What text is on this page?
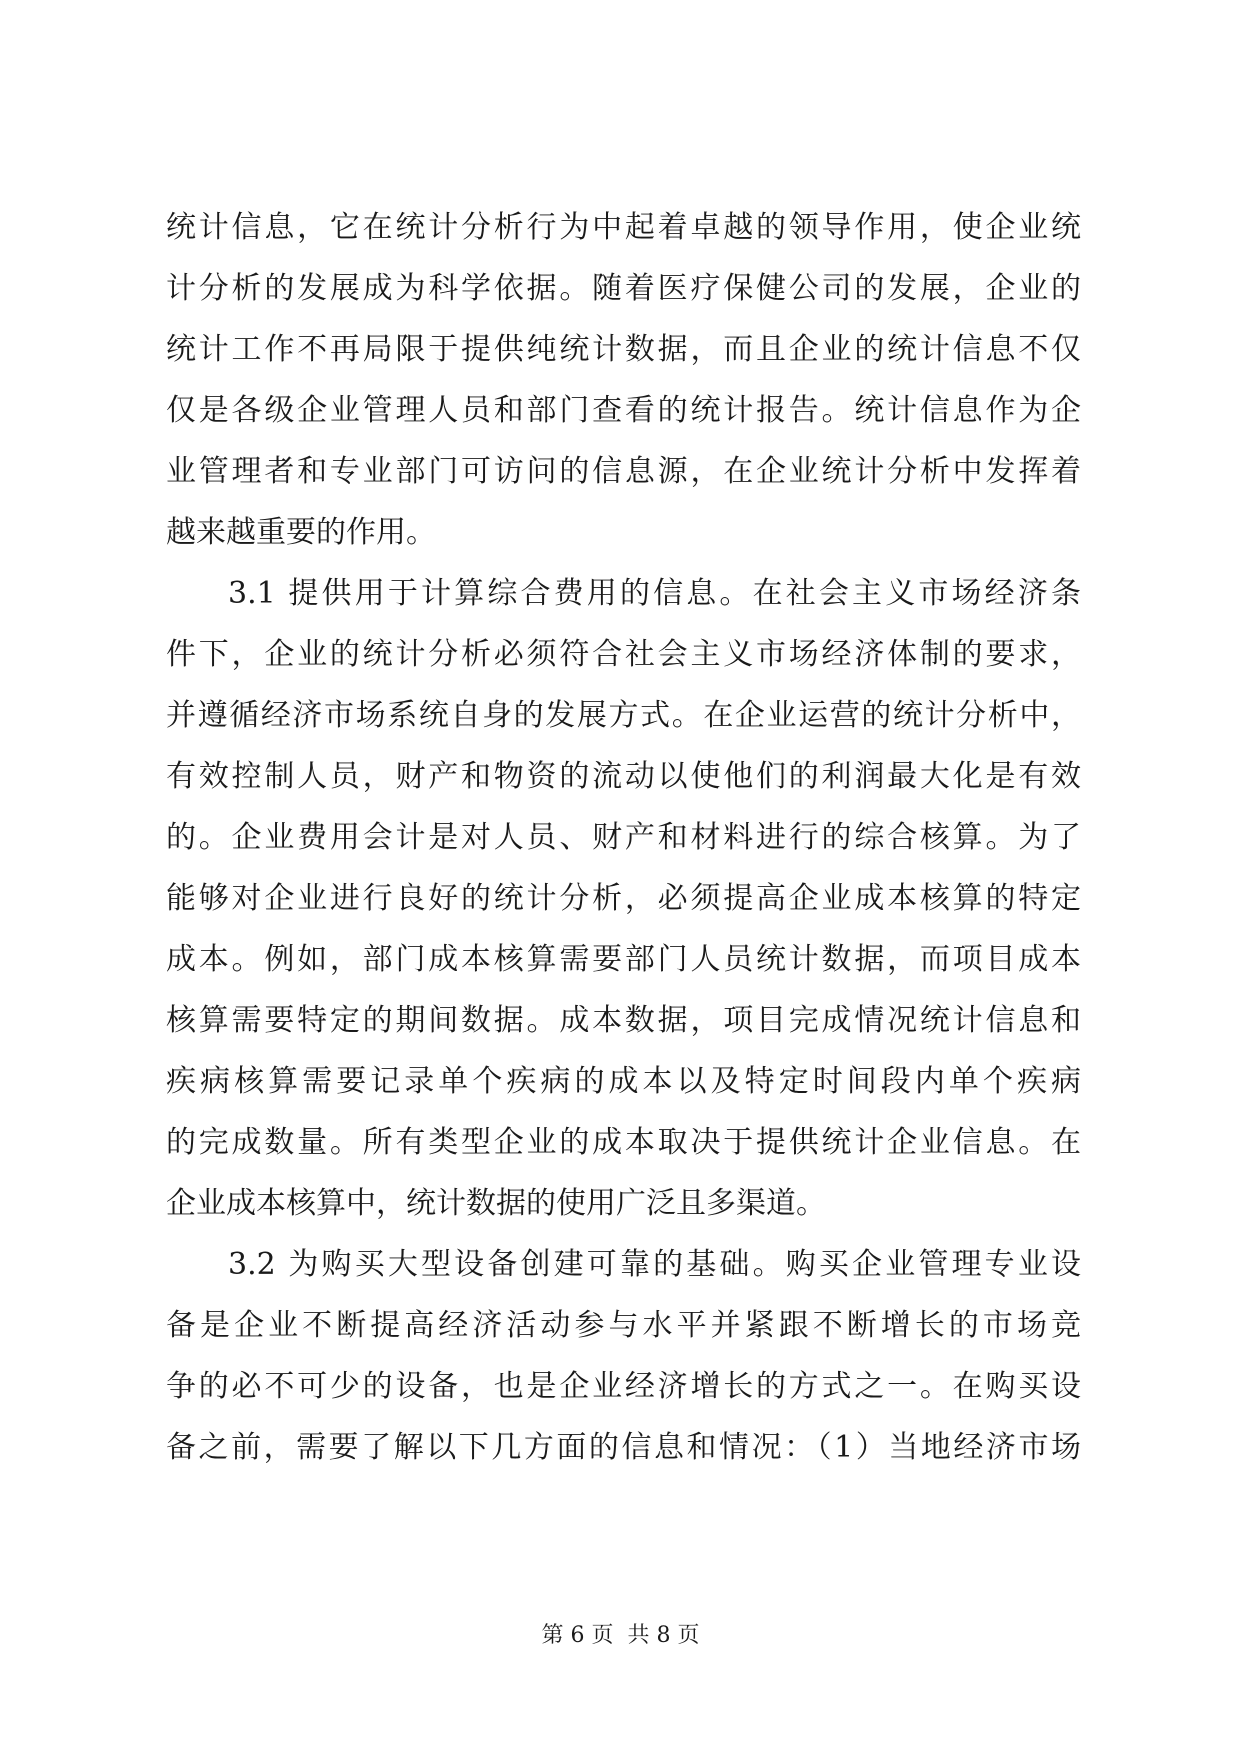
统计信息，它在统计分析行为中起着卓越的领导作用，使企业统
计分析的发展成为科学依据。随着医疗保健公司的发展，企业的
统计工作不再局限于提供纯统计数据，而且企业的统计信息不仅
仅是各级企业管理人员和部门查看的统计报告。统计信息作为企
业管理者和专业部门可访问的信息源，在企业统计分析中发挥着
越来越重要的作用。
3.1 提供用于计算综合费用的信息。在社会主义市场经济条
件下，企业的统计分析必须符合社会主义市场经济体制的要求，
并遵循经济市场系统自身的发展方式。在企业运营的统计分析中，
有效控制人员，财产和物资的流动以使他们的利润最大化是有效
的。企业费用会计是对人员、财产和材料进行的综合核算。为了
能够对企业进行良好的统计分析，必须提高企业成本核算的特定
成本。例如，部门成本核算需要部门人员统计数据，而项目成本
核算需要特定的期间数据。成本数据，项目完成情况统计信息和
疾病核算需要记录单个疾病的成本以及特定时间段内单个疾病
的完成数量。所有类型企业的成本取决于提供统计企业信息。在
企业成本核算中，统计数据的使用广泛且多渠道。
3.2 为购买大型设备创建可靠的基础。购买企业管理专业设
备是企业不断提高经济活动参与水平并紧跟不断增长的市场竞
争的必不可少的设备，也是企业经济增长的方式之一。在购买设
备之前，需要了解以下几方面的信息和情况：（1）当地经济市场
第 6 页  共 8 页
